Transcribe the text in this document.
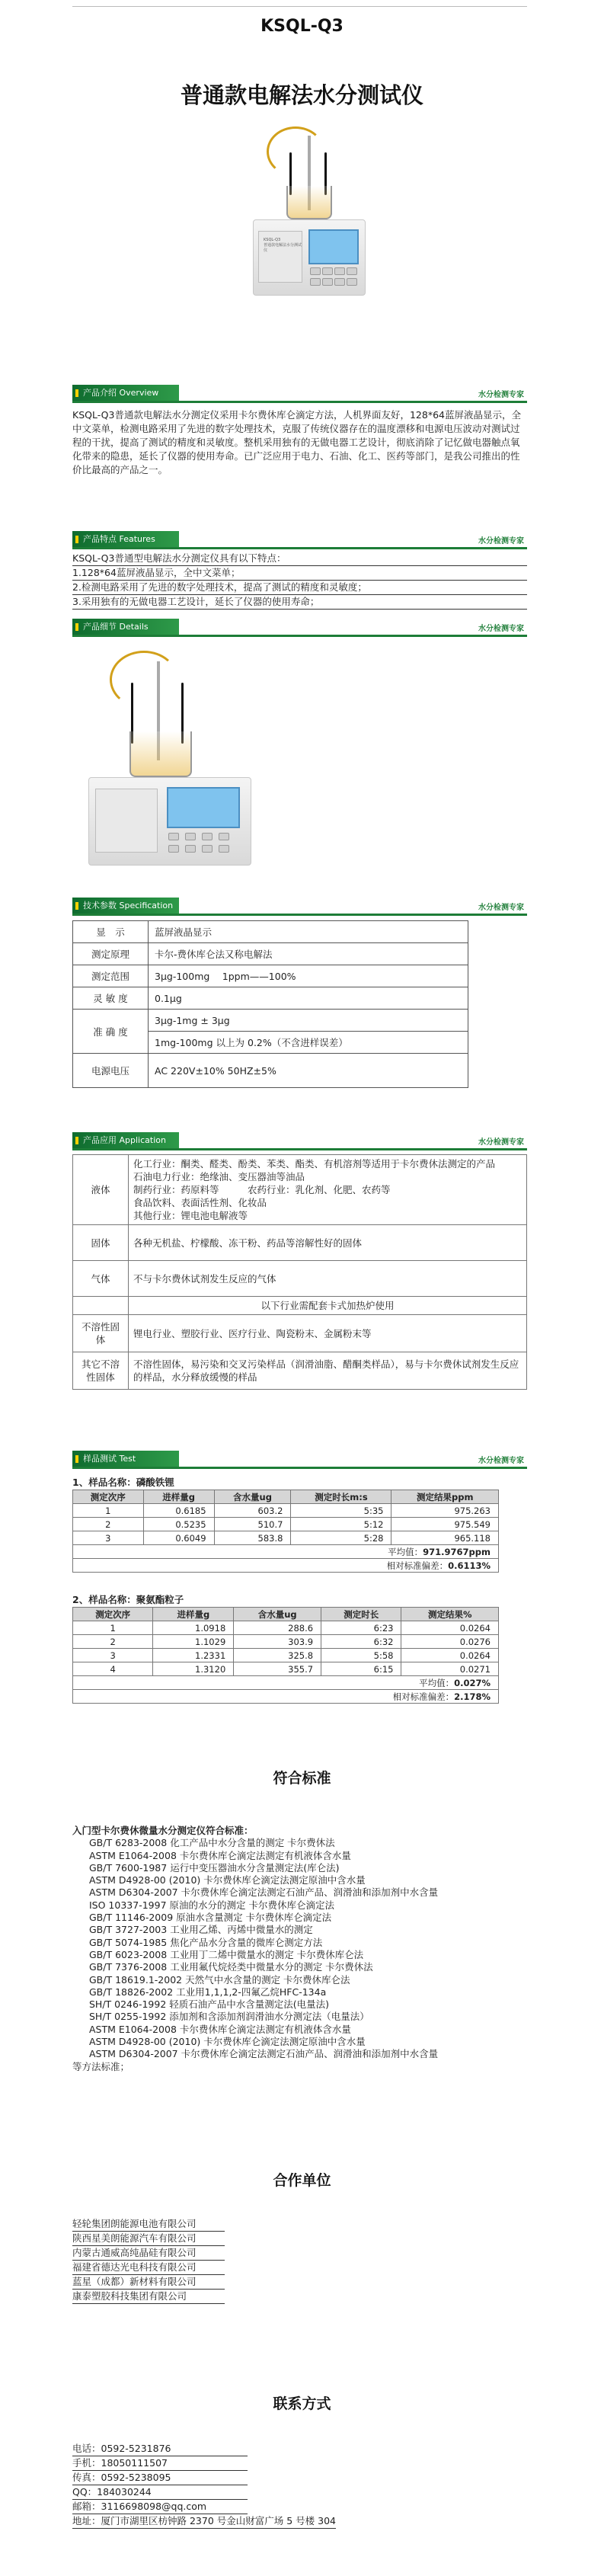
KSQL-Q3
普通款电解法水分测试仪
KSQL-Q3
普通款电解法水分测试仪
产品介绍 Overview	水分检测专家
KSQL-Q3普通款电解法水分测定仪采用卡尔费休库仑滴定方法，人机界面友好，128*64蓝屏液晶显示，全中文菜单，检测电路采用了先进的数字处理技术，克服了传统仪器存在的温度漂移和电源电压波动对测试过程的干扰，提高了测试的精度和灵敏度。整机采用独有的无做电器工艺设计，彻底消除了记忆做电器触点氧化带来的隐患，延长了仪器的使用寿命。已广泛应用于电力、石油、化工、医药等部门，是我公司推出的性价比最高的产品之一。
产品特点 Features	水分检测专家
KSQL-Q3普通型电解法水分测定仪具有以下特点：
1.128*64蓝屏液晶显示，全中文菜单；
2.检测电路采用了先进的数字处理技术，提高了测试的精度和灵敏度；
3.采用独有的无做电器工艺设计，延长了仪器的使用寿命；
产品细节 Details	水分检测专家
技术参数 Specification	水分检测专家
显　示	蓝屏液晶显示
测定原理	卡尔-费休库仑法又称电解法
测定范围	3μg-100mg　 1ppm——100%
灵 敏 度	0.1μg
准 确 度	3μg-1mg ± 3μg
	1mg-100mg 以上为 0.2%（不含进样误差）
电源电压	AC 220V±10% 50HZ±5%
产品应用 Application	水分检测专家
液体	化工行业：酮类、醛类、酚类、苯类、酯类、有机溶剂等适用于卡尔费休法测定的产品
石油电力行业：绝缘油、变压器油等油品
制药行业：药原料等　　　农药行业：乳化剂、化肥、农药等
食品饮料、表面活性剂、化妆品
其他行业：锂电池电解液等

固体	各种无机盐、柠檬酸、冻干粉、药品等溶解性好的固体
气体	不与卡尔费休试剂发生反应的气体
	以下行业需配套卡式加热炉使用
不溶性固体	锂电行业、塑胶行业、医疗行业、陶瓷粉末、金属粉末等
其它不溶性固体	不溶性固体，易污染和交叉污染样品（润滑油脂、醋酮类样品），易与卡尔费休试剂发生反应的样品，水分释放缓慢的样品
样品测试 Test	水分检测专家
1、样品名称：磷酸铁锂
测定次序	进样量g	含水量ug	测定时长m:s	测定结果ppm
1	0.6185	603.2	5:35	975.263
2	0.5235	510.7	5:12	975.549
3	0.6049	583.8	5:28	965.118
平均值：971.9767ppm				
相对标准偏差：0.6113%				
2、样品名称：聚氨酯粒子
测定次序	进样量g	含水量ug	测定时长	测定结果%
1	1.0918	288.6	6:23	0.0264
2	1.1029	303.9	6:32	0.0276
3	1.2331	325.8	5:58	0.0264
4	1.3120	355.7	6:15	0.0271
平均值：0.027%				
相对标准偏差：2.178%				
符合标准
入门型卡尔费休微量水分测定仪符合标准：
GB/T 6283-2008 化工产品中水分含量的测定 卡尔费休法
ASTM E1064-2008 卡尔费休库仑滴定法测定有机液体含水量
GB/T 7600-1987 运行中变压器油水分含量测定法(库仑法)
ASTM D4928-00 (2010) 卡尔费休库仑滴定法测定原油中含水量
ASTM D6304-2007 卡尔费休库仑滴定法测定石油产品、润滑油和添加剂中水含量
ISO 10337-1997 原油的水分的测定 卡尔费休库仑滴定法
GB/T 11146-2009 原油水含量测定 卡尔费休库仑滴定法
GB/T 3727-2003 工业用乙烯、丙烯中微量水的测定
GB/T 5074-1985 焦化产品水分含量的微库仑测定方法
GB/T 6023-2008 工业用丁二烯中微量水的测定 卡尔费休库仑法
GB/T 7376-2008 工业用氟代烷烃类中微量水分的测定 卡尔费休法
GB/T 18619.1-2002 天然气中水含量的测定 卡尔费休库仑法
GB/T 18826-2002 工业用1,1,1,2-四氟乙烷HFC-134a
SH/T 0246-1992 轻质石油产品中水含量测定法(电量法)
SH/T 0255-1992 添加剂和含添加剂润滑油水分测定法（电量法）
ASTM E1064-2008 卡尔费休库仑滴定法测定有机液体含水量
ASTM D4928-00 (2010) 卡尔费休库仑滴定法测定原油中含水量
ASTM D6304-2007 卡尔费休库仑滴定法测定石油产品、润滑油和添加剂中水含量
等方法标准；
合作单位
轻轮集团朗能源电池有限公司
陕西星美朗能源汽车有限公司
内蒙古通威高纯晶硅有限公司
福建省德达光电科技有限公司
蓝星（成都）新材料有限公司
康泰塑胶科技集团有限公司
联系方式
电话：0592-5231876
手机：18050111507
传真：0592-5238095
QQ：184030244
邮箱：3116698098@qq.com
地址：厦门市湖里区枋钟路 2370 号金山财富广场 5 号楼 304
